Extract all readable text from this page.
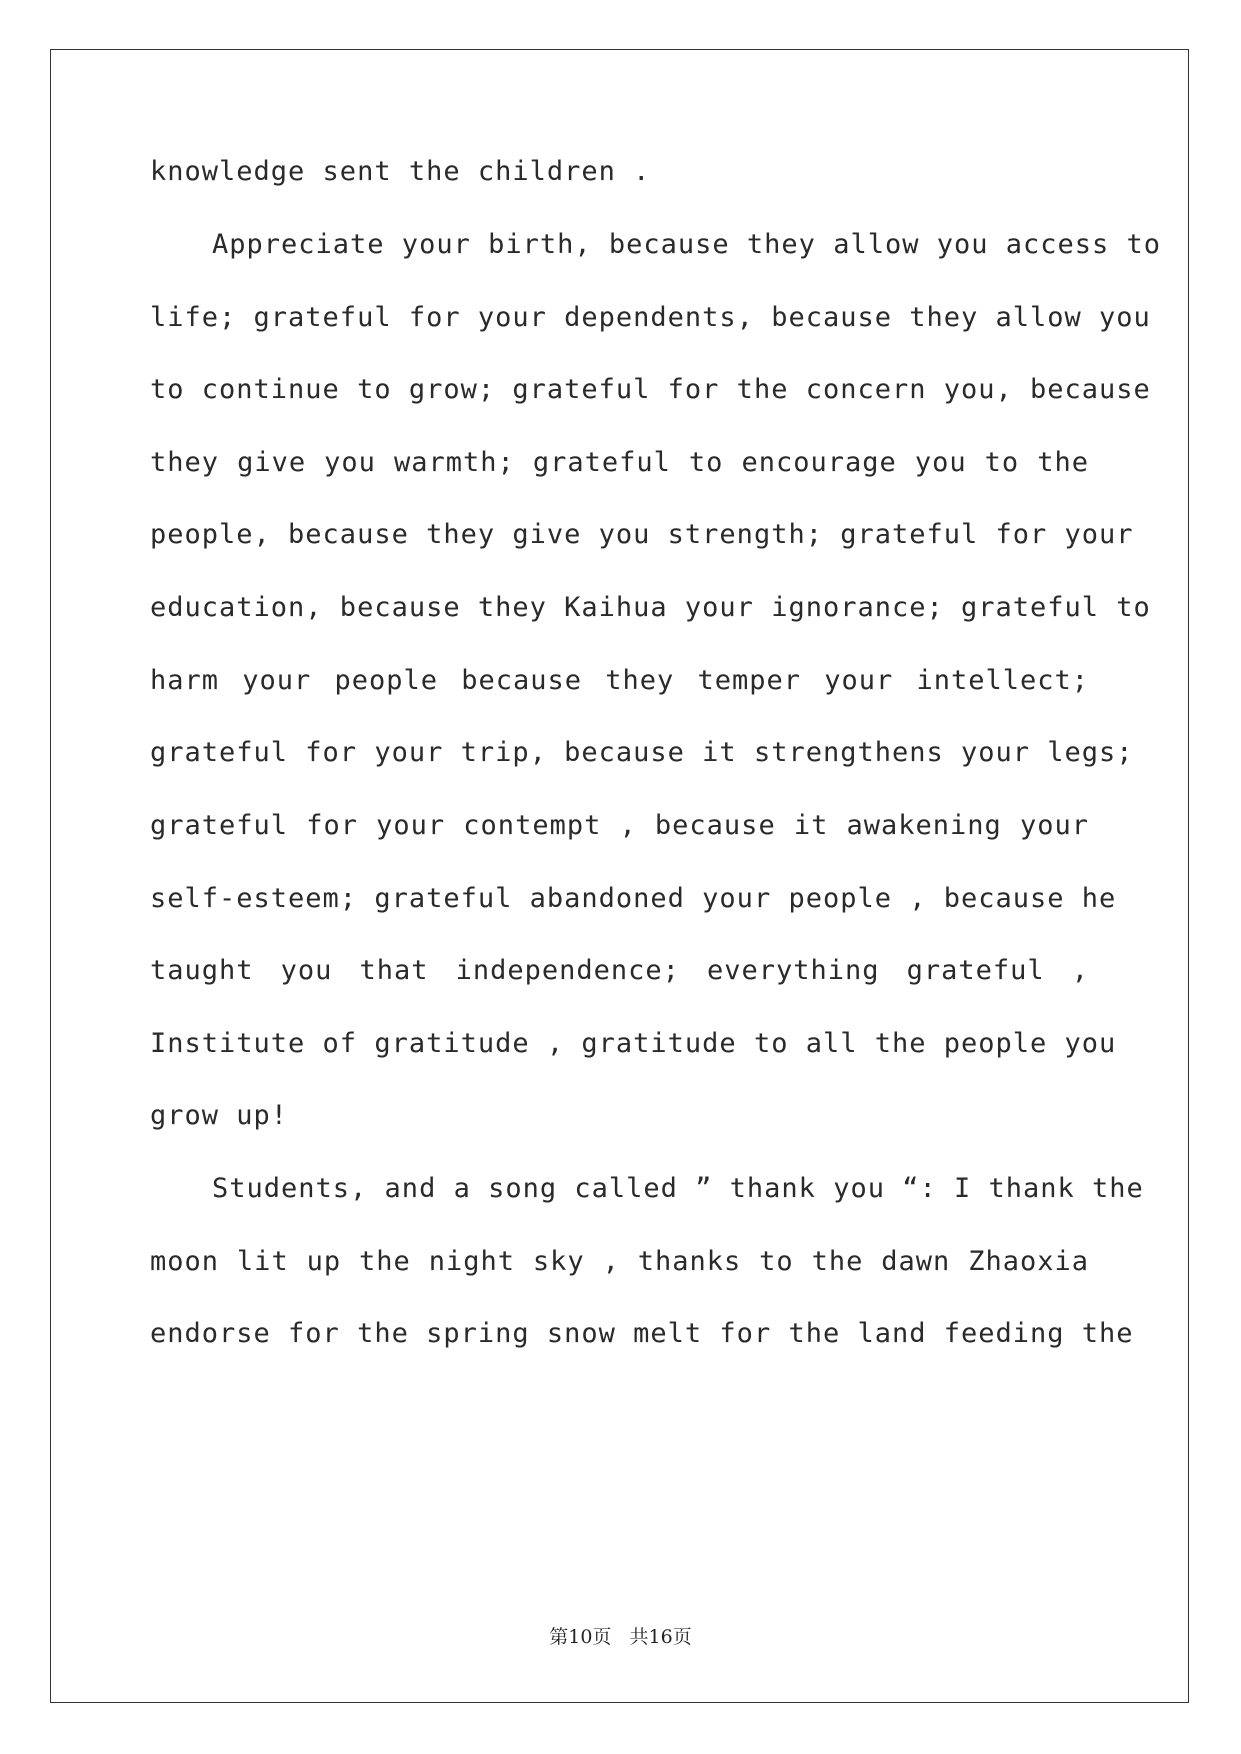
knowledge sent the children .
Appreciate your birth, because they allow you access to
life; grateful for your dependents, because they allow you
to continue to grow; grateful for the concern you, because
they give you warmth; grateful to encourage you to the
people, because they give you strength; grateful for your
education, because they Kaihua your ignorance; grateful to
harm your people because they temper your intellect;
grateful for your trip, because it strengthens your legs;
grateful for your contempt , because it awakening your
self-esteem; grateful abandoned your people , because he
taught you that independence; everything grateful ,
Institute of gratitude , gratitude to all the people you
grow up!
Students, and a song called ” thank you “: I thank the
moon lit up the night sky , thanks to the dawn Zhaoxia
endorse for the spring snow melt for the land feeding the
第10页   共16页
